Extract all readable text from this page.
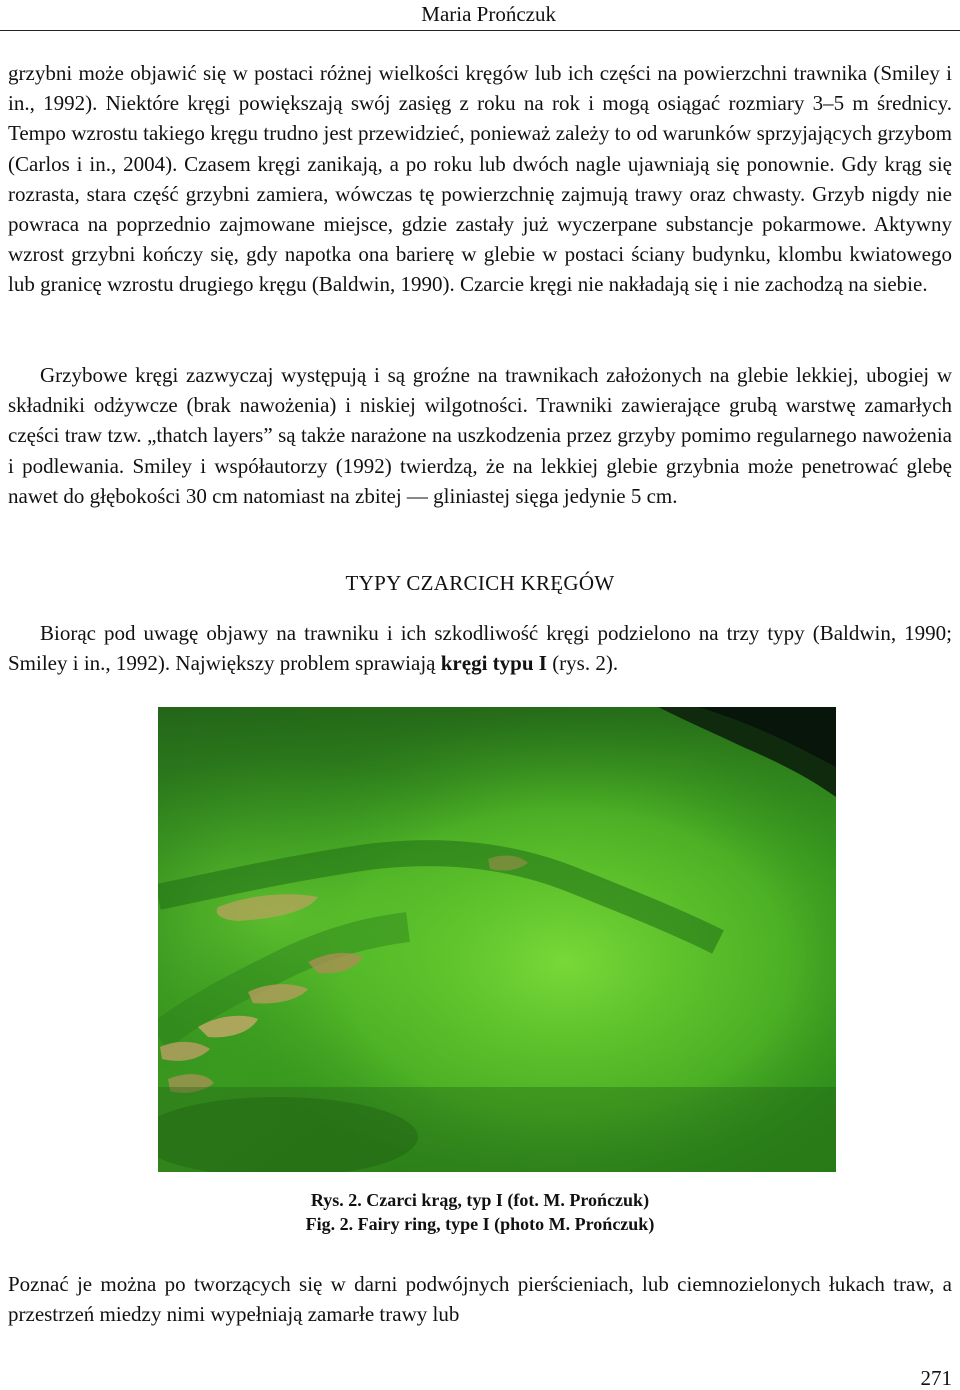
Maria Prończuk

grzybni może objawić się w postaci różnej wielkości kręgów lub ich części na powierzchni trawnika (Smiley i in., 1992). Niektóre kręgi powiększają swój zasięg z roku na rok i mogą osiągać rozmiary 3–5 m średnicy. Tempo wzrostu takiego kręgu trudno jest przewidzieć, ponieważ zależy to od warunków sprzyjających grzybom (Carlos i in., 2004). Czasem kręgi zanikają, a po roku lub dwóch nagle ujawniają się ponownie. Gdy krąg się rozrasta, stara część grzybni zamiera, wówczas tę powierzchnię zajmują trawy oraz chwasty. Grzyb nigdy nie powraca na poprzednio zajmowane miejsce, gdzie zastały już wyczerpane substancje pokarmowe. Aktywny wzrost grzybni kończy się, gdy napotka ona barierę w glebie w postaci ściany budynku, klombu kwiatowego lub granicę wzrostu drugiego kręgu (Baldwin, 1990). Czarcie kręgi nie nakładają się i nie zachodzą na siebie.

Grzybowe kręgi zazwyczaj występują i są groźne na trawnikach założonych na glebie lekkiej, ubogiej w składniki odżywcze (brak nawożenia) i niskiej wilgotności. Trawniki zawierające grubą warstwę zamarłych części traw tzw. „thatch layers” są także narażone na uszkodzenia przez grzyby pomimo regularnego nawożenia i podlewania. Smiley i współautorzy (1992) twierdzą, że na lekkiej glebie grzybnia może penetrować glebę nawet do głębokości 30 cm natomiast na zbitej — gliniastej sięga jedynie 5 cm.

TYPY CZARCICH KRĘGÓW

Biorąc pod uwagę objawy na trawniku i ich szkodliwość kręgi podzielono na trzy typy (Baldwin, 1990; Smiley i in., 1992). Największy problem sprawiają kręgi typu I (rys. 2).

Rys. 2. Czarci krąg, typ I (fot. M. Prończuk)
Fig. 2. Fairy ring, type I (photo M. Prończuk)

Poznać je można po tworzących się w darni podwójnych pierścieniach, lub ciemnozielonych łukach traw, a przestrzeń miedzy nimi wypełniają zamarłe trawy lub

271
